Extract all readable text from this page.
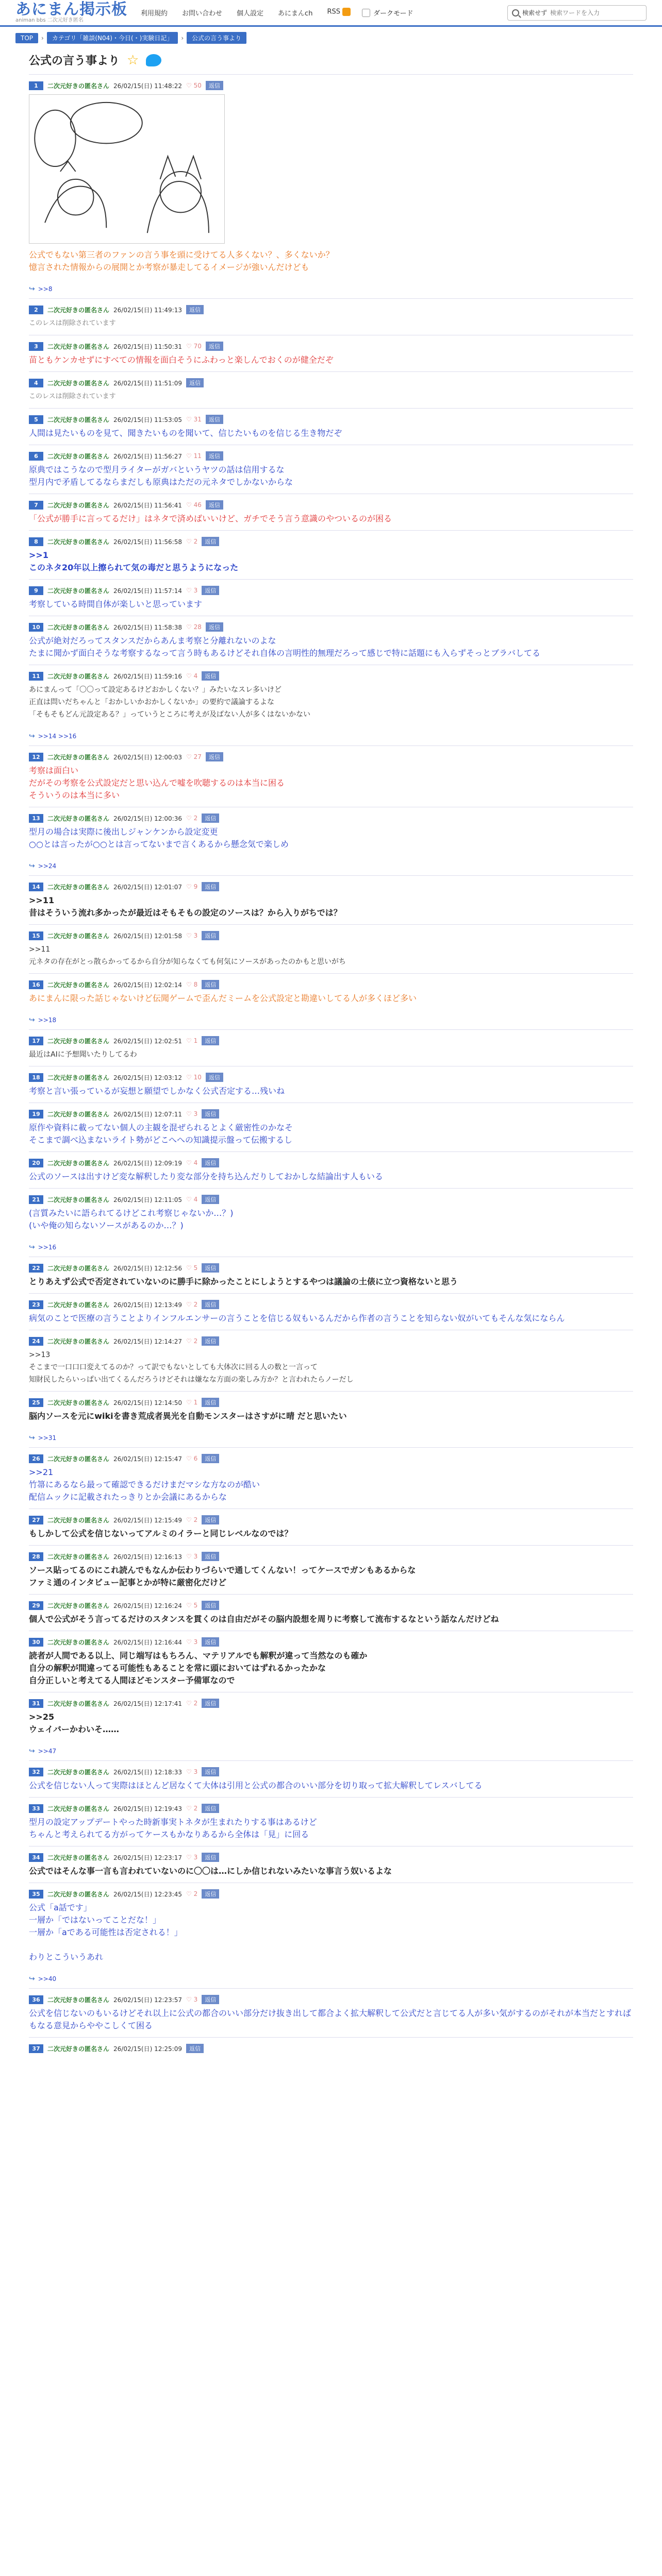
あにまん掲示板
animan bbs 二次元好き匿名
利用規約 お問い合わせ 個人設定 あにまんch RSS	ダークモード	検索せず
検索ワードを入力
TOP	›	カテゴリ「雑談(N04)・今日(・)実験日記」	›	公式の言う事より
公式の言う事より ☆
1	二次元好きの匿名さん 26/02/15(日) 11:48:22 ♡ 50	返信
公式でもない第三者のファンの言う事を頭に受けてる人多くない？、多くないか？
憶言された情報からの展開とか考察が暴走してるイメージが強いんだけども
↪ >>8
2	二次元好きの匿名さん 26/02/15(日) 11:49:13	返信
このレスは削除されています
3	二次元好きの匿名さん 26/02/15(日) 11:50:31 ♡ 70	返信
苗ともケンカせずにすべての情報を面白そうにふわっと楽しんでおくのが健全だぞ
4	二次元好きの匿名さん 26/02/15(日) 11:51:09	返信
このレスは削除されています
5	二次元好きの匿名さん 26/02/15(日) 11:53:05 ♡ 31	返信
人間は見たいものを見て、聞きたいものを聞いて、信じたいものを信じる生き物だぞ
6	二次元好きの匿名さん 26/02/15(日) 11:56:27 ♡ 11	返信
原典ではこうなので型月ライターがガバというヤツの話は信用するな
型月内で矛盾してるならまだしも原典はただの元ネタでしかないからな
7	二次元好きの匿名さん 26/02/15(日) 11:56:41 ♡ 46	返信
「公式が勝手に言ってるだけ」はネタで済めばいいけど、ガチでそう言う意識のやついるのが困る
8	二次元好きの匿名さん 26/02/15(日) 11:56:58 ♡ 2	返信
>>1
このネタ20年以上擦られて気の毒だと思うようになった
9	二次元好きの匿名さん 26/02/15(日) 11:57:14 ♡ 3	返信
考察している時間自体が楽しいと思っています
10	二次元好きの匿名さん 26/02/15(日) 11:58:38 ♡ 28	返信
公式が絶対だろってスタンスだからあんま考察と分離れないのよな
たまに聞かず面白そうな考察するなって言う時もあるけどそれ自体の言明性的無理だろって感じで特に話題にも入らずそっとブラバしてる
11	二次元好きの匿名さん 26/02/15(日) 11:59:16 ♡ 4	返信
あにまんって「〇〇って設定あるけどおかしくない？」みたいなスレ多いけど
正直は問いだちゃんと「おかしいかおかしくないか」の要約で議論するよな
「そもそもどん元設定ある？」っていうところに考えが及ばない人が多くはないかない
↪ >>14 >>16
12	二次元好きの匿名さん 26/02/15(日) 12:00:03 ♡ 27	返信
考察は面白い
だがその考察を公式設定だと思い込んで嘘を吹聴するのは本当に困る
そういうのは本当に多い
13	二次元好きの匿名さん 26/02/15(日) 12:00:36 ♡ 2	返信
型月の場合は実際に後出しジャンケンから設定変更
○○とは言ったが○○とは言ってないまで言くあるから懸念気で楽しめ
↪ >>24
14	二次元好きの匿名さん 26/02/15(日) 12:01:07 ♡ 9	返信
>>11
昔はそういう流れ多かったが最近はそもそもの設定のソースは？から入りがちでは？
15	二次元好きの匿名さん 26/02/15(日) 12:01:58 ♡ 3	返信
>>11
元ネタの存在がとっ散らかってるから自分が知らなくても何気にソースがあったのかもと思いがち
16	二次元好きの匿名さん 26/02/15(日) 12:02:14 ♡ 8	返信
あにまんに限った話じゃないけど伝聞ゲームで歪んだミームを公式設定と勘違いしてる人が多くほど多い
↪ >>18
17	二次元好きの匿名さん 26/02/15(日) 12:02:51 ♡ 1	返信
最近はAIに予想聞いたりしてるわ
18	二次元好きの匿名さん 26/02/15(日) 12:03:12 ♡ 10	返信
考察と言い張っているが妄想と願望でしかなく公式否定する…残いね
19	二次元好きの匿名さん 26/02/15(日) 12:07:11 ♡ 3	返信
原作や資料に載ってない個人の主観を混ぜられるとよく厳密性のかなそ
そこまで調べ込まないライト勢がどこへへの知識提示盤って伝搬するし
20	二次元好きの匿名さん 26/02/15(日) 12:09:19 ♡ 4	返信
公式のソースは出すけど変な解釈したり変な部分を持ち込んだりしておかしな結論出す人もいる
21	二次元好きの匿名さん 26/02/15(日) 12:11:05 ♡ 4	返信
(言質みたいに語られてるけどこれ考察じゃないか…？)
(いや俺の知らないソースがあるのか…？)
↪ >>16
22	二次元好きの匿名さん 26/02/15(日) 12:12:56 ♡ 5	返信
とりあえず公式で否定されていないのに勝手に除かったことにしようとするやつは議論の土俵に立つ資格ないと思う
23	二次元好きの匿名さん 26/02/15(日) 12:13:49 ♡ 2	返信
病気のことで医療の言うことよりインフルエンサーの言うことを信じる奴もいるんだから作者の言うことを知らない奴がいてもそんな気にならん
24	二次元好きの匿名さん 26/02/15(日) 12:14:27 ♡ 2	返信
>>13
そこまで一口口口変えてるのか？って訳でもないとしても大体次に回る人の数と一言って
知財民したらいっぱい出てくるんだろうけどそれは嫌なな方面の楽しみ方か？と言われたらノーだし
25	二次元好きの匿名さん 26/02/15(日) 12:14:50 ♡ 1	返信
脳内ソースを元にwikiを書き荒成者異光を自動モンスターはさすがに晴 だと思いたい
↪ >>31
26	二次元好きの匿名さん 26/02/15(日) 12:15:47 ♡ 6	返信
>>21
竹箒にあるなら最って確認できるだけまだマシな方なのが酷い
配信ムックに記載されたっきりとか会議にあるからな
27	二次元好きの匿名さん 26/02/15(日) 12:15:49 ♡ 2	返信
もしかして公式を信じないってアルミのイラーと同じレベルなのでは？
28	二次元好きの匿名さん 26/02/15(日) 12:16:13 ♡ 3	返信
ソース貼ってるのにこれ読んでもなんか伝わりづらいで通してくんない！ってケースでガンもあるからな
ファミ通のインタビュー記事とかが特に厳密化だけど
29	二次元好きの匿名さん 26/02/15(日) 12:16:24 ♡ 5	返信
個人で公式がそう言ってるだけのスタンスを貫くのは自由だがその脳内設想を周りに考察して流布するなという話なんだけどね
30	二次元好きの匿名さん 26/02/15(日) 12:16:44 ♡ 3	返信
読者が人間である以上、同じ端写はもちろん、マテリアルでも解釈が違って当然なのも確か
自分の解釈が間違ってる可能性もあることを常に頭においてはずれるかったかな
自分正しいと考えてる人間ほどモンスター予備軍なので
31	二次元好きの匿名さん 26/02/15(日) 12:17:41 ♡ 2	返信
>>25
ウェイバーかわいそ……
↪ >>47
32	二次元好きの匿名さん 26/02/15(日) 12:18:33 ♡ 3	返信
公式を信じない人って実際はほとんど居なくて大体は引用と公式の都合のいい部分を切り取って拡大解釈してレスバしてる
33	二次元好きの匿名さん 26/02/15(日) 12:19:43 ♡ 2	返信
型月の設定アップデートやった時新事実トネタが生まれたりする事はあるけど
ちゃんと考えられてる方がってケースもかなりあるから全体は「見」に回る
34	二次元好きの匿名さん 26/02/15(日) 12:23:17 ♡ 3	返信
公式ではそんな事一言も言われていないのに〇〇は…にしか信じれないみたいな事言う奴いるよな
35	二次元好きの匿名さん 26/02/15(日) 12:23:45 ♡ 2	返信
公式「a話です」
一層か「ではないってことだな！」
一層か「aである可能性は否定される！」

わりとこういうあれ
↪ >>40
36	二次元好きの匿名さん 26/02/15(日) 12:23:57 ♡ 3	返信
公式を信じないのもいるけどそれ以上に公式の都合のいい部分だけ抜き出して都合よく拡大解釈して公式だと言じてる人が多い気がするのがそれが本当だとすればもなる意見からややこしくて困る
37	二次元好きの匿名さん 26/02/15(日) 12:25:09	返信
